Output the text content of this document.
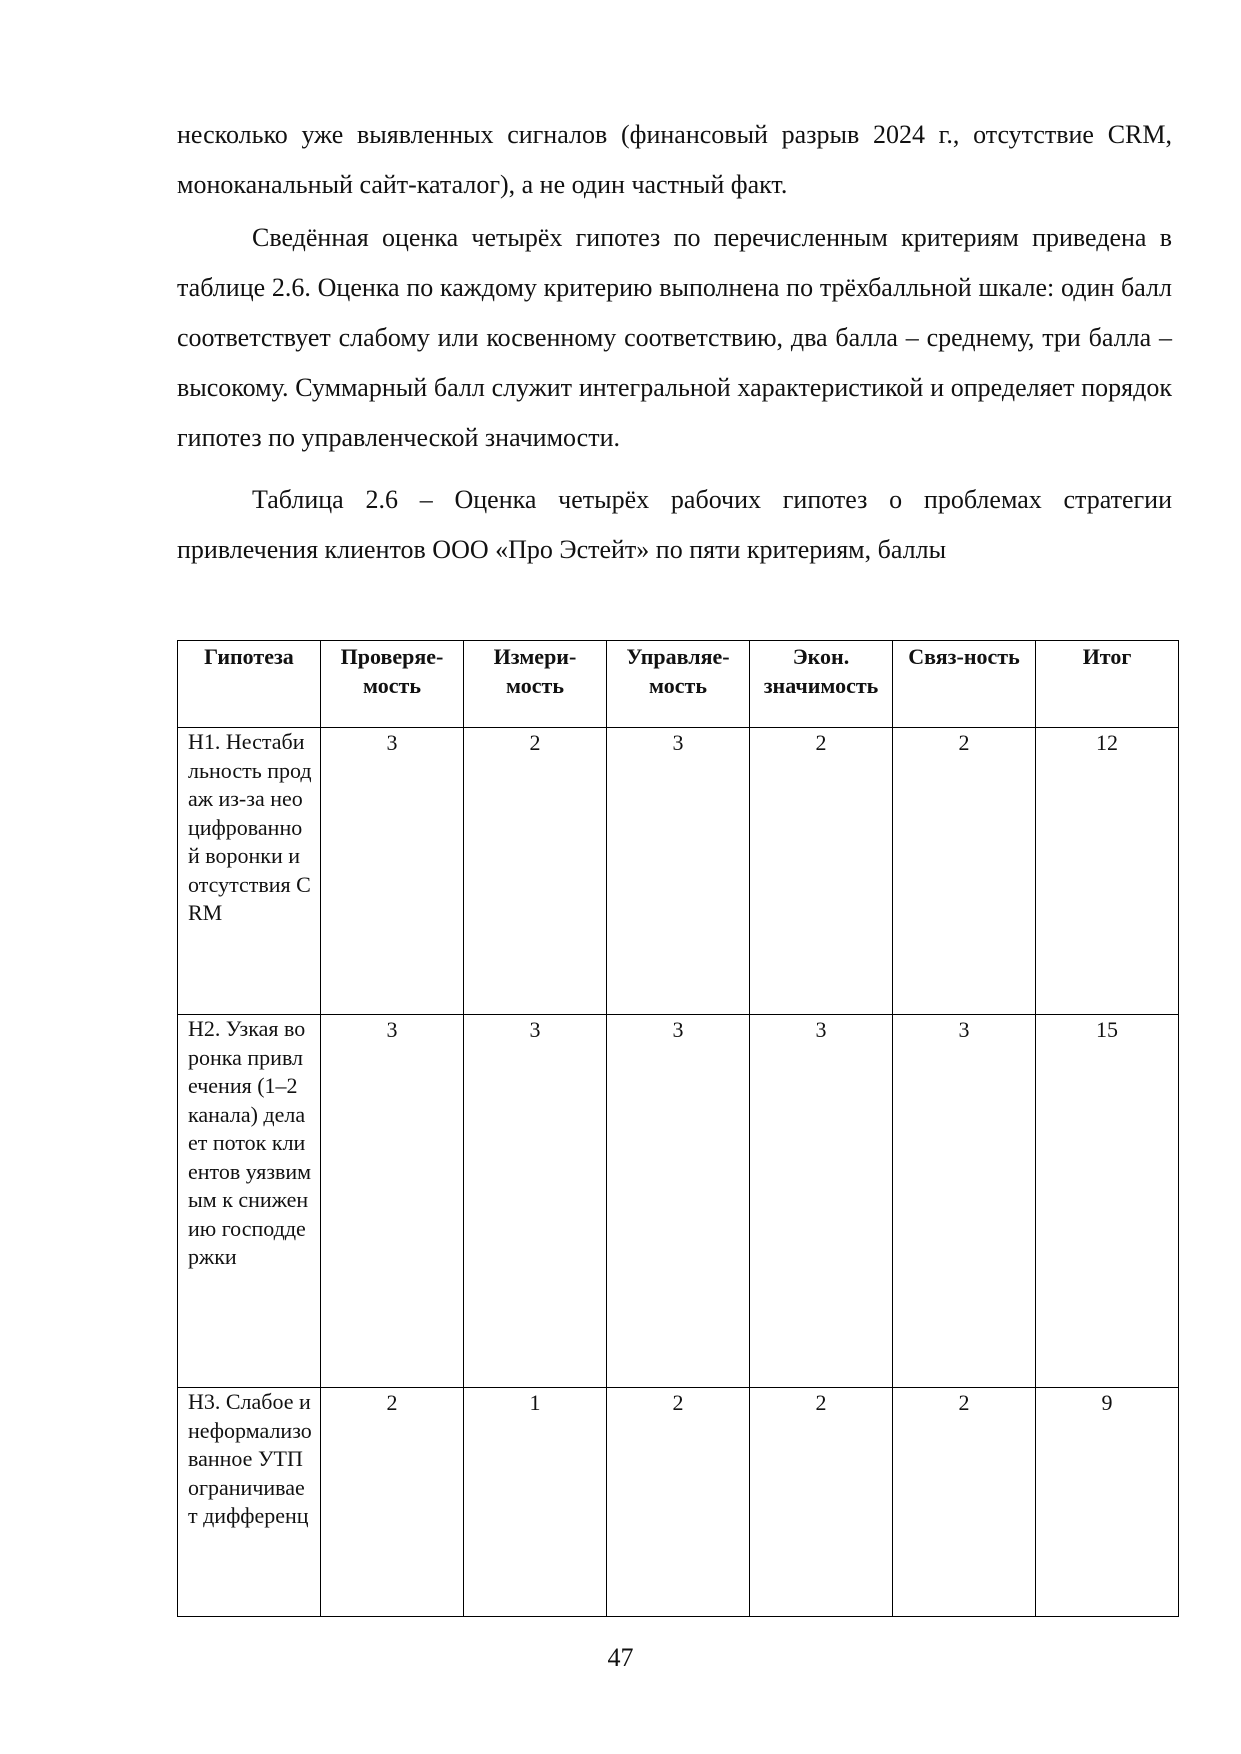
несколько уже выявленных сигналов (финансовый разрыв 2024 г., отсутствие CRM, моноканальный сайт-каталог), а не один частный факт.

Сведённая оценка четырёх гипотез по перечисленным критериям приведена в таблице 2.6. Оценка по каждому критерию выполнена по трёхбалльной шкале: один балл соответствует слабому или косвенному соответствию, два балла – среднему, три балла – высокому. Суммарный балл служит интегральной характеристикой и определяет порядок гипотез по управленческой значимости.

Таблица 2.6 – Оценка четырёх рабочих гипотез о проблемах стратегии привлечения клиентов ООО «Про Эстейт» по пяти критериям, баллы

Гипотеза	Проверяе-мость	Измери-мость	Управляе-мость	Экон. значимость	Связ-ность	Итог
Н1. Нестабильность продаж из-за неоцифрованной воронки и отсутствия CRM	3	2	3	2	2	12
Н2. Узкая воронка привлечения (1–2 канала) делает поток клиентов уязвимым к снижению господдержки	3	3	3	3	3	15
Н3. Слабое и неформализованное УТП ограничивает дифференц	2	1	2	2	2	9
47
